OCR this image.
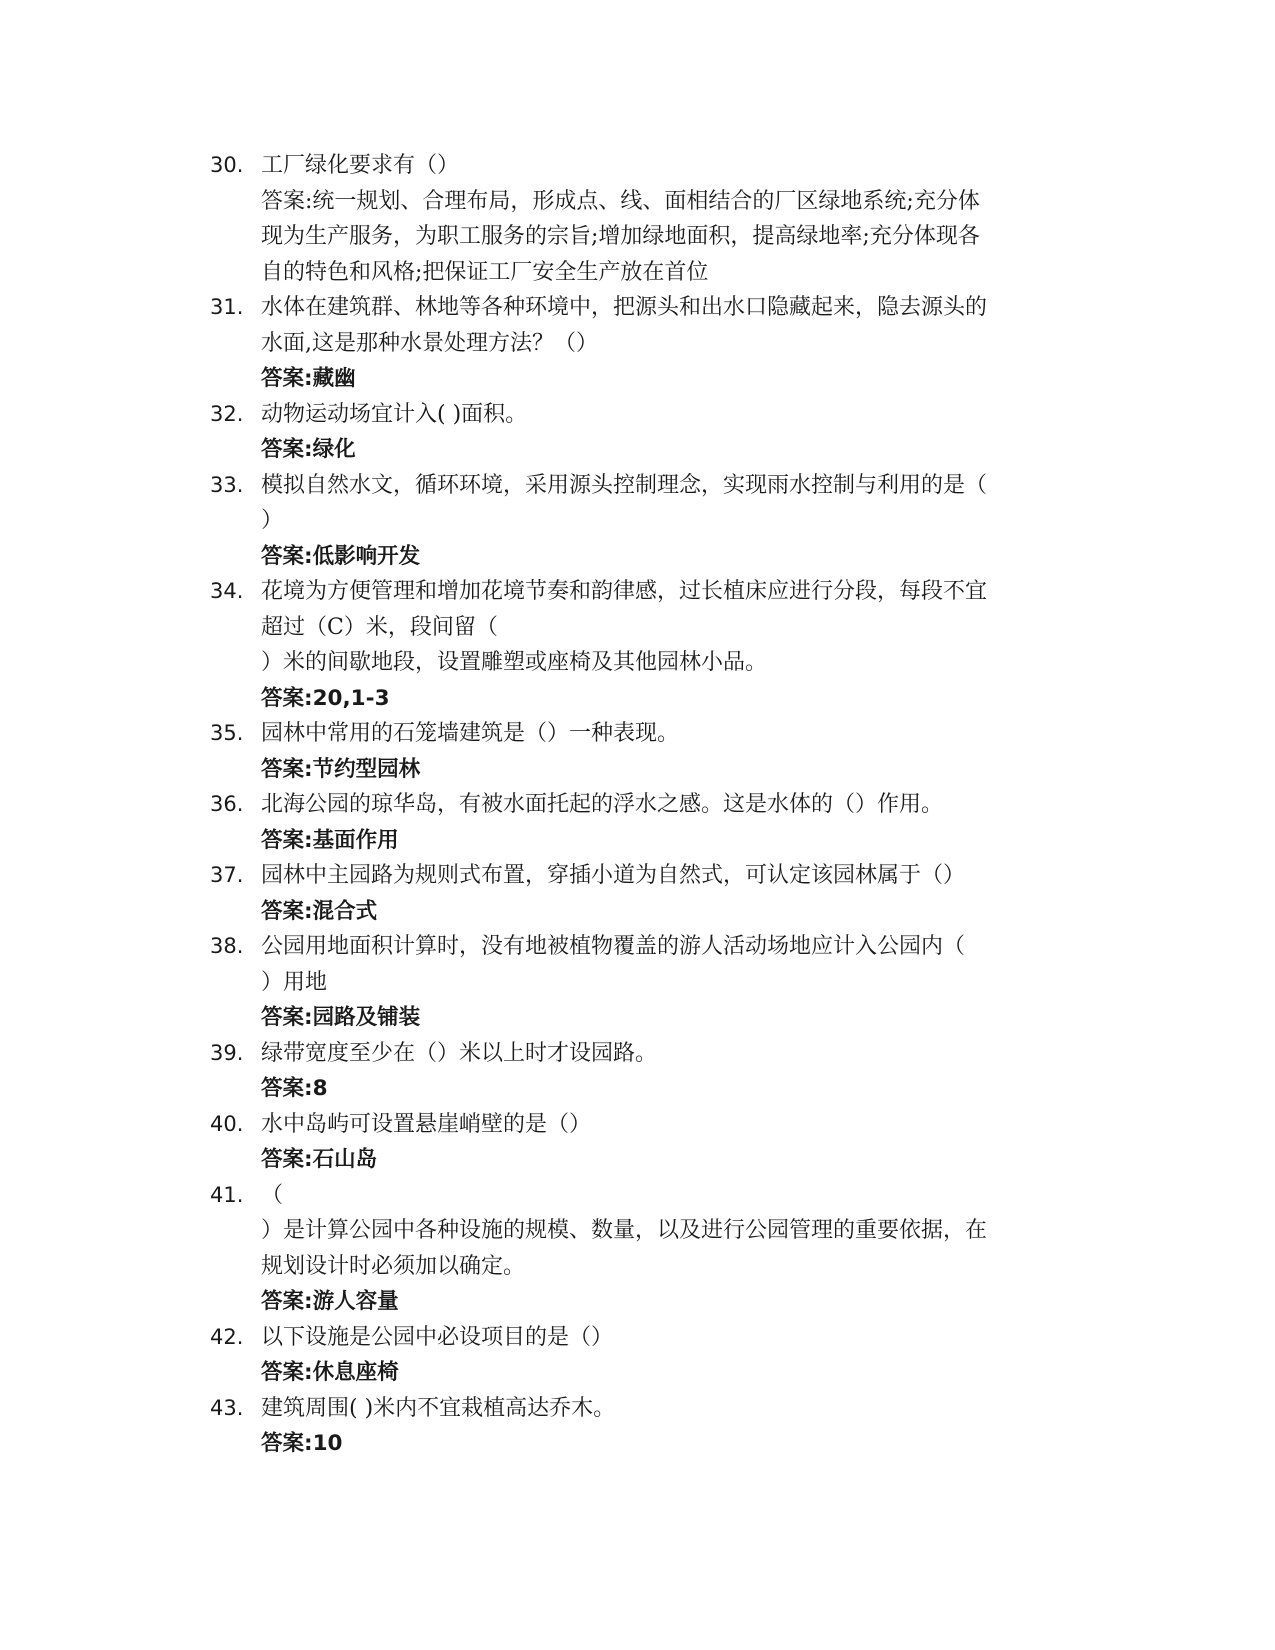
30. 工厂绿化要求有（）
答案:统一规划、合理布局，形成点、线、面相结合的厂区绿地系统;充分体
现为生产服务，为职工服务的宗旨;增加绿地面积，提高绿地率;充分体现各
自的特色和风格;把保证工厂安全生产放在首位
31. 水体在建筑群、林地等各种环境中，把源头和出水口隐藏起来，隐去源头的
水面,这是那种水景处理方法？（）
答案:藏幽
32. 动物运动场宜计入( )面积。
答案:绿化
33. 模拟自然水文，循环环境，采用源头控制理念，实现雨水控制与利用的是（
）
答案:低影响开发
34. 花境为方便管理和增加花境节奏和韵律感，过长植床应进行分段，每段不宜
超过（C）米，段间留（
）米的间歇地段，设置雕塑或座椅及其他园林小品。
答案:20,1-3
35. 园林中常用的石笼墙建筑是（）一种表现。
答案:节约型园林
36. 北海公园的琼华岛，有被水面托起的浮水之感。这是水体的（）作用。
答案:基面作用
37. 园林中主园路为规则式布置，穿插小道为自然式，可认定该园林属于（）
答案:混合式
38. 公园用地面积计算时，没有地被植物覆盖的游人活动场地应计入公园内（
）用地
答案:园路及铺装
39. 绿带宽度至少在（）米以上时才设园路。
答案:8
40. 水中岛屿可设置悬崖峭壁的是（）
答案:石山岛
41. （
）是计算公园中各种设施的规模、数量，以及进行公园管理的重要依据，在
规划设计时必须加以确定。
答案:游人容量
42. 以下设施是公园中必设项目的是（）
答案:休息座椅
43. 建筑周围( )米内不宜栽植高达乔木。
答案:10
